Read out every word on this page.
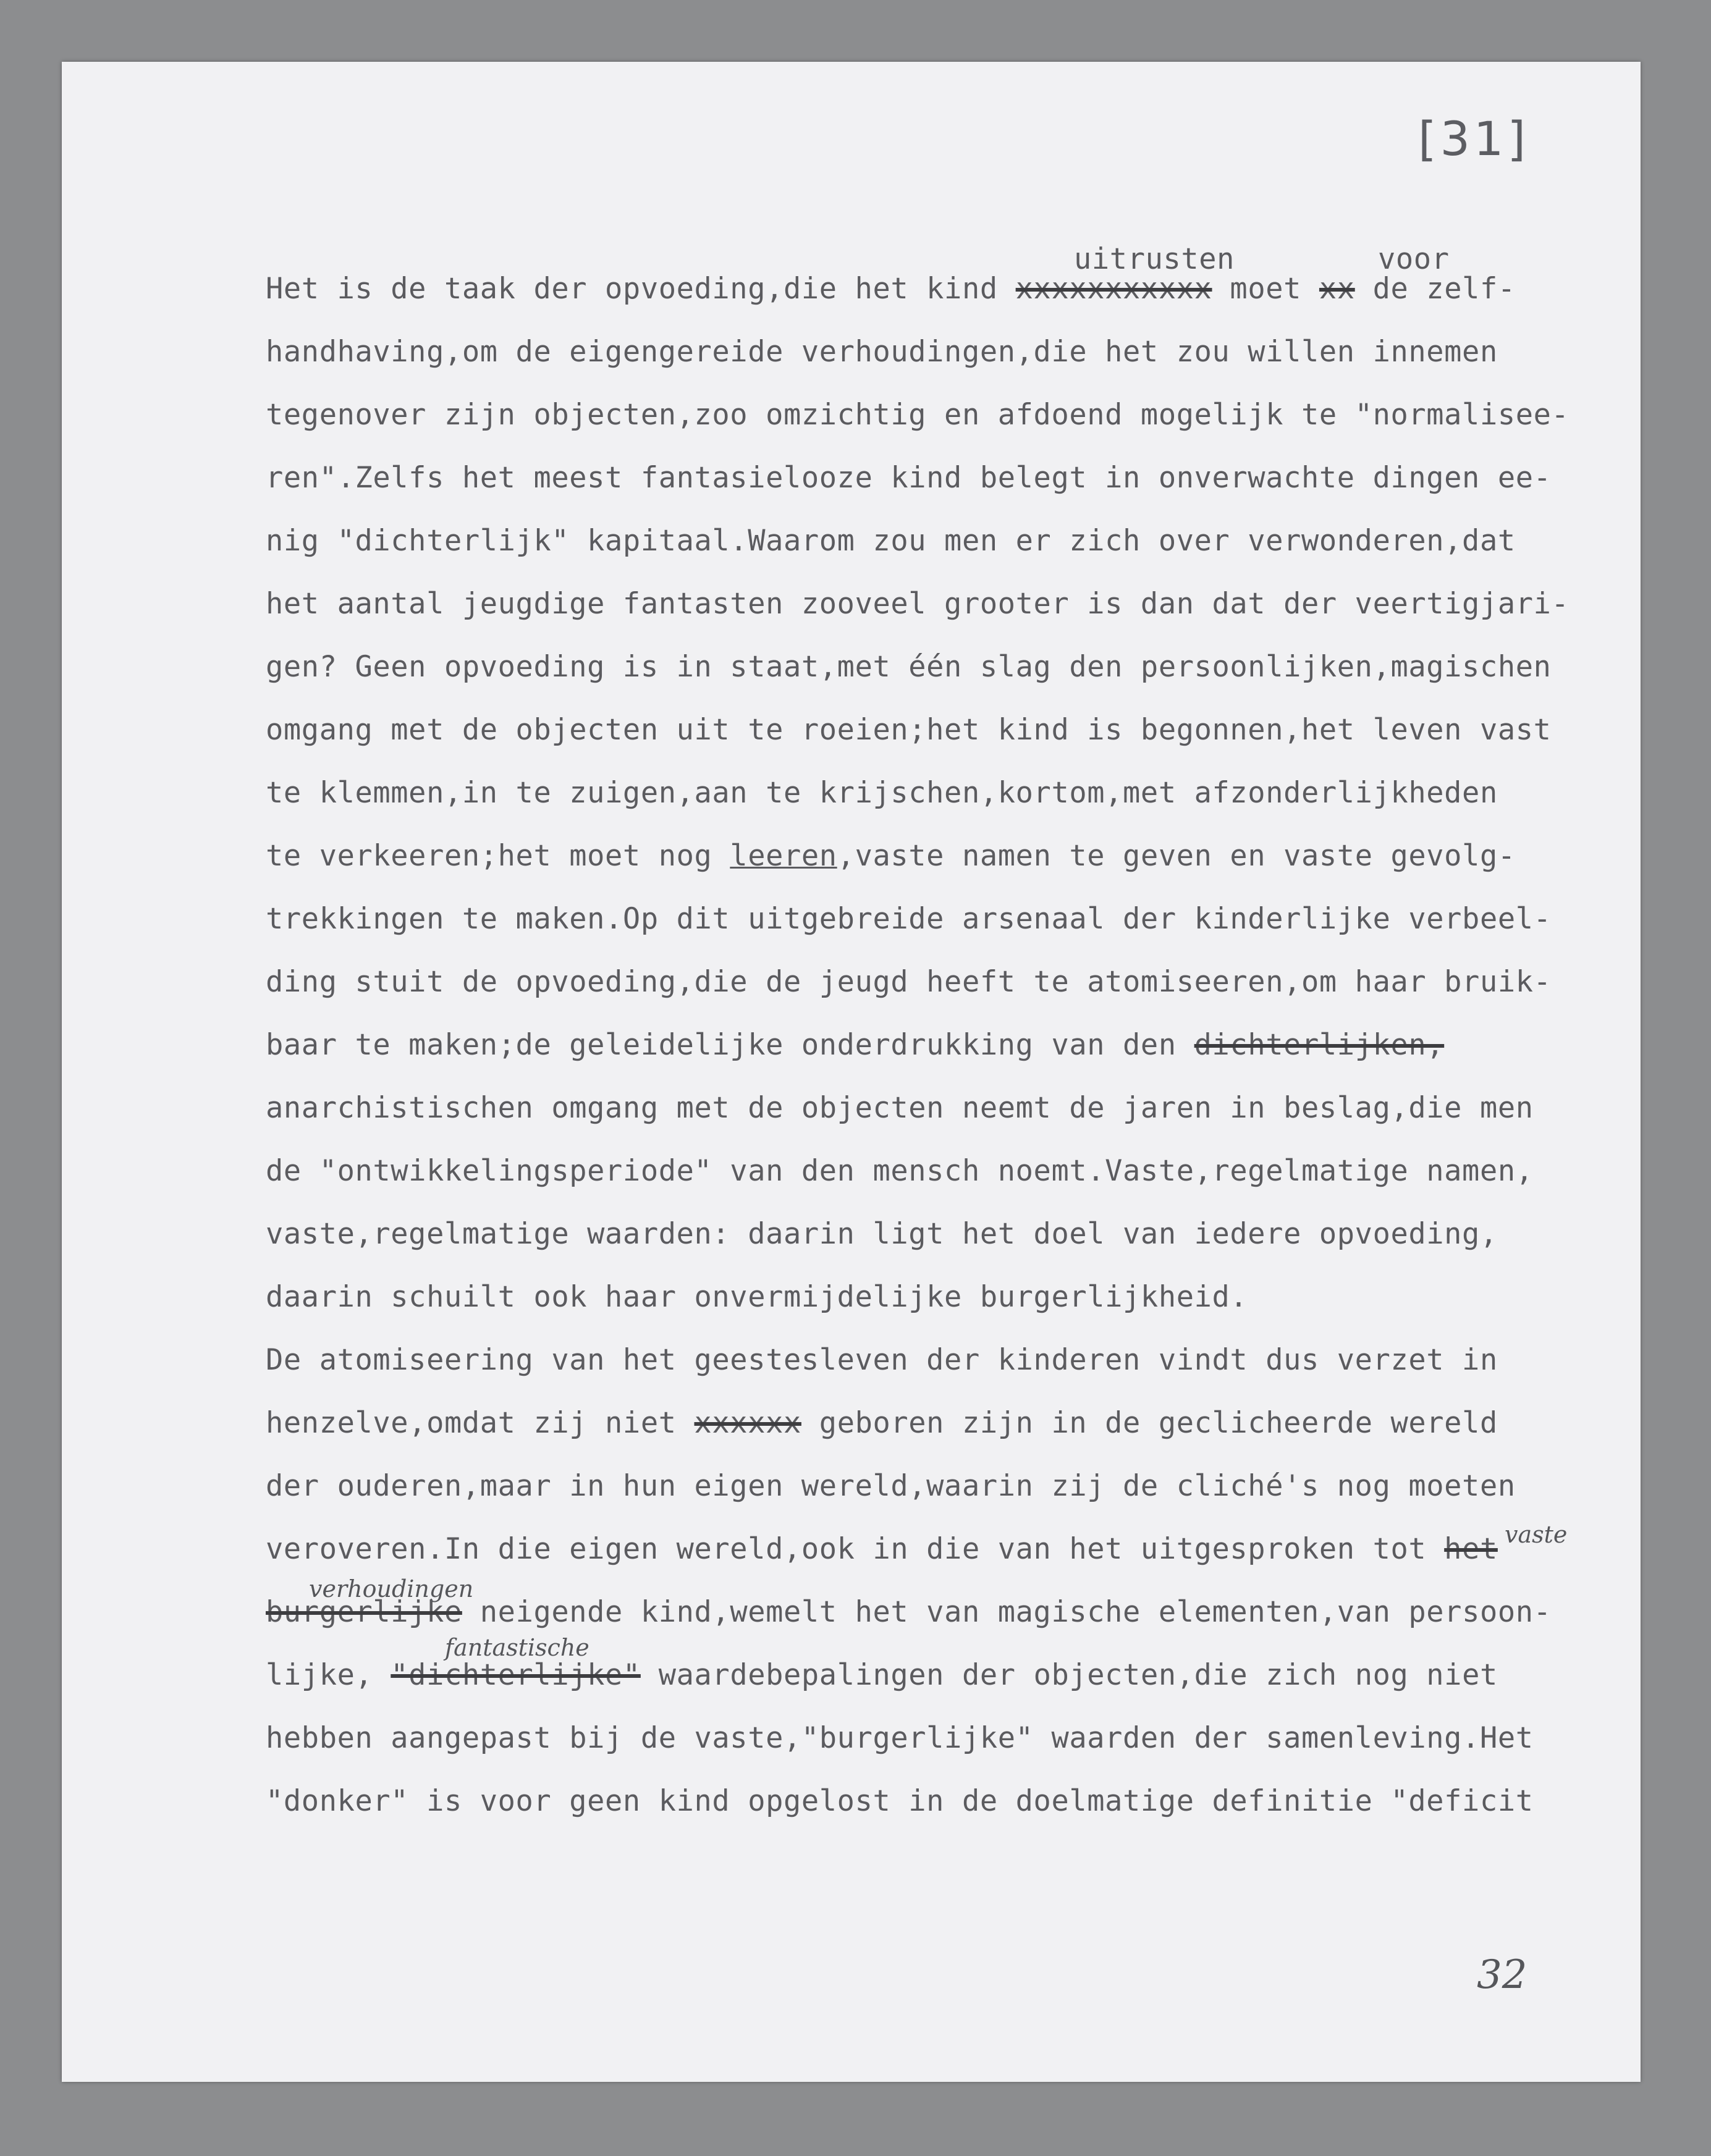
[31]
uitrusten	voor
vaste
verhoudingen
fantastische
32
Het is de taak der opvoeding,die het kind xxxxxxxxxxx moet xx de zelf-
handhaving,om de eigengereide verhoudingen,die het zou willen innemen
tegenover zijn objecten,zoo omzichtig en afdoend mogelijk te "normalisee-
ren".Zelfs het meest fantasielooze kind belegt in onverwachte dingen ee-
nig "dichterlijk" kapitaal.Waarom zou men er zich over verwonderen,dat
het aantal jeugdige fantasten zooveel grooter is dan dat der veertigjari-
gen? Geen opvoeding is in staat,met één slag den persoonlijken,magischen
omgang met de objecten uit te roeien;het kind is begonnen,het leven vast
te klemmen,in te zuigen,aan te krijschen,kortom,met afzonderlijkheden
te verkeeren;het moet nog leeren,vaste namen te geven en vaste gevolg-
trekkingen te maken.Op dit uitgebreide arsenaal der kinderlijke verbeel-
ding stuit de opvoeding,die de jeugd heeft te atomiseeren,om haar bruik-
baar te maken;de geleidelijke onderdrukking van den dichterlijken,
anarchistischen omgang met de objecten neemt de jaren in beslag,die men
de "ontwikkelingsperiode" van den mensch noemt.Vaste,regelmatige namen,
vaste,regelmatige waarden: daarin ligt het doel van iedere opvoeding,
daarin schuilt ook haar onvermijdelijke burgerlijkheid.
De atomiseering van het geestesleven der kinderen vindt dus verzet in
henzelve,omdat zij niet xxxxxx geboren zijn in de geclicheerde wereld
der ouderen,maar in hun eigen wereld,waarin zij de cliché's nog moeten
veroveren.In die eigen wereld,ook in die van het uitgesproken tot het
burgerlijke neigende kind,wemelt het van magische elementen,van persoon-
lijke, "dichterlijke" waardebepalingen der objecten,die zich nog niet
hebben aangepast bij de vaste,"burgerlijke" waarden der samenleving.Het
"donker" is voor geen kind opgelost in de doelmatige definitie "deficit
